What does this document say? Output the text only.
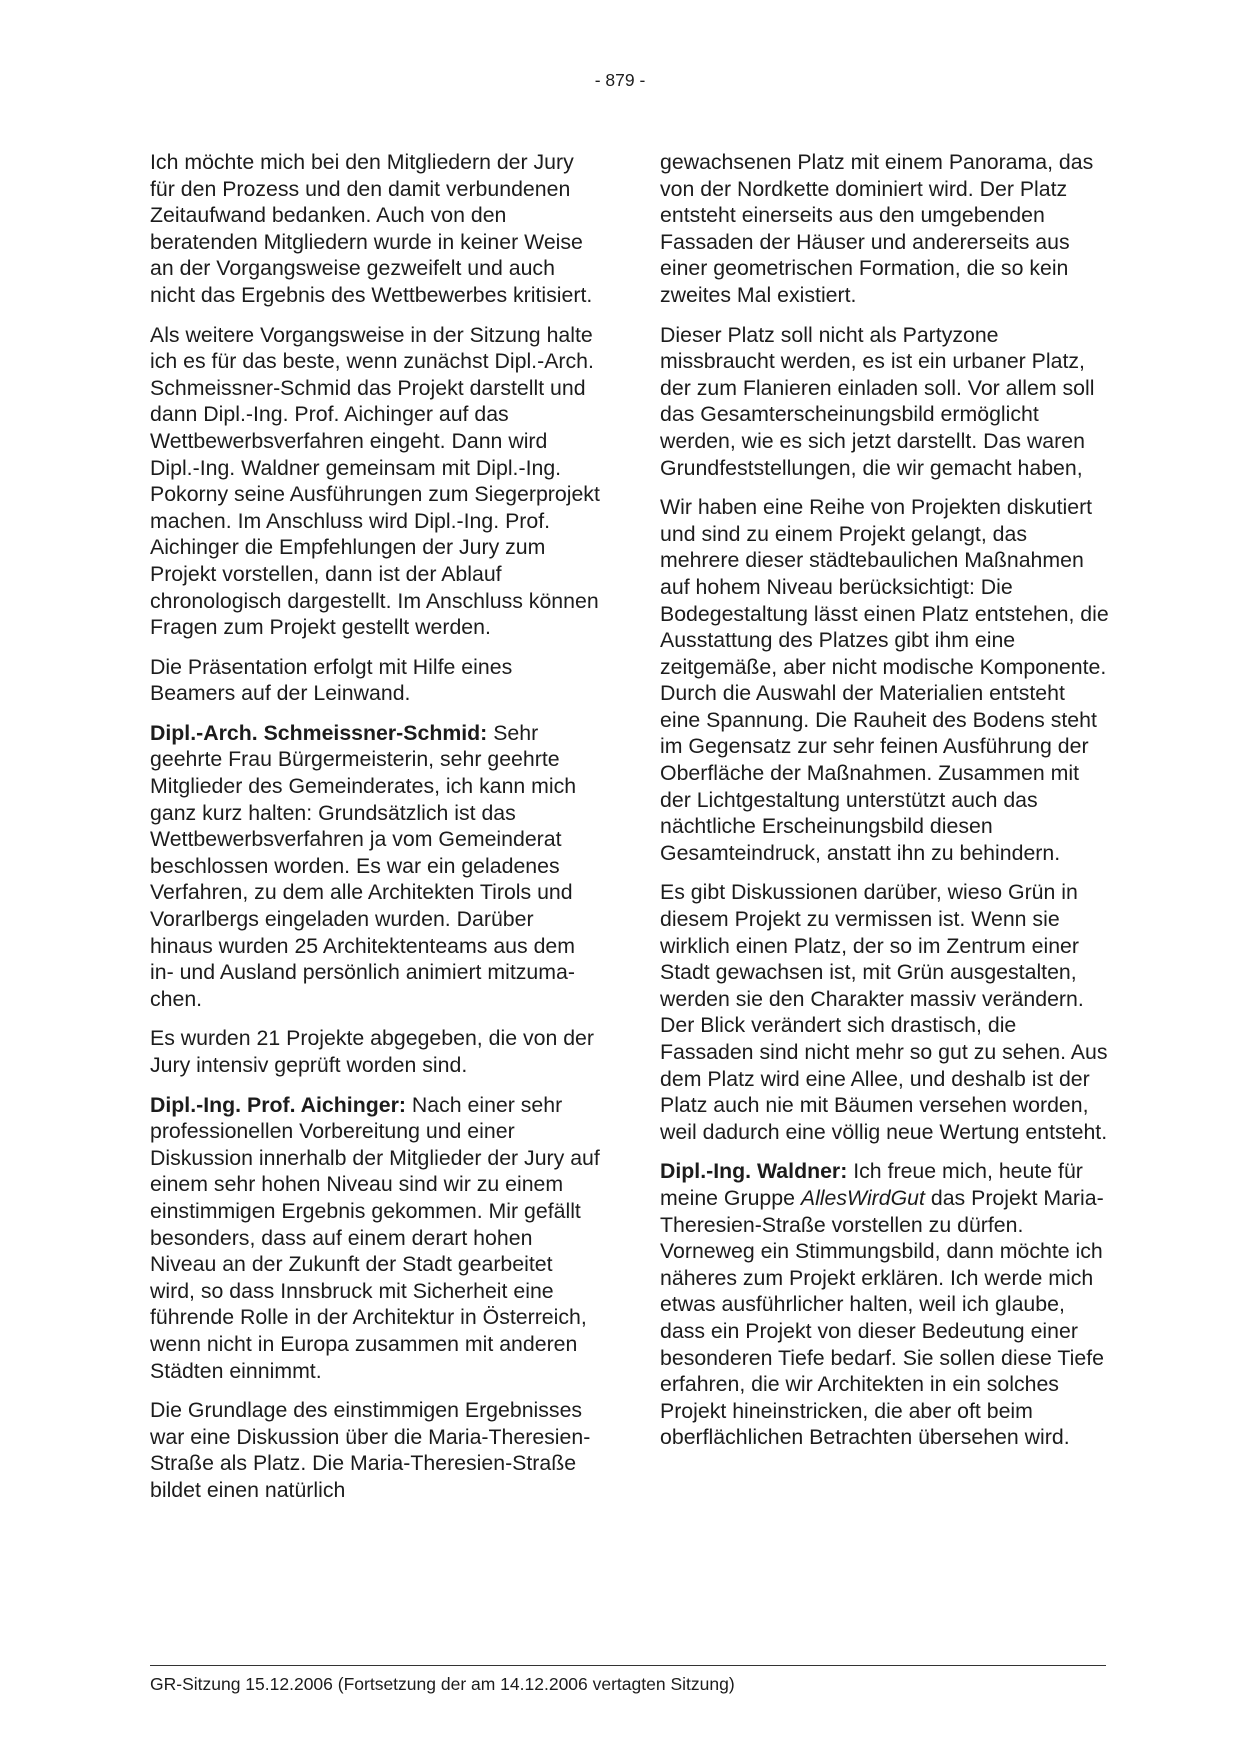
- 879 -

Ich möchte mich bei den Mitgliedern der Jury für den Prozess und den damit verbundenen Zeitaufwand bedanken. Auch von den beratenden Mitgliedern wurde in keiner Weise an der Vorgangsweise gezweifelt und auch nicht das Ergebnis des Wettbewerbes kritisiert.

Als weitere Vorgangsweise in der Sitzung halte ich es für das beste, wenn zunächst Dipl.-Arch. Schmeissner-Schmid das Projekt darstellt und dann Dipl.-Ing. Prof. Aichinger auf das Wettbewerbsverfahren eingeht. Dann wird Dipl.-Ing. Waldner gemeinsam mit Dipl.-Ing. Pokorny seine Ausführungen zum Siegerprojekt machen. Im Anschluss wird Dipl.-Ing. Prof. Aichinger die Empfehlungen der Jury zum Projekt vorstellen, dann ist der Ablauf chronologisch dargestellt. Im Anschluss können Fragen zum Projekt gestellt werden.

Die Präsentation erfolgt mit Hilfe eines Beamers auf der Leinwand.

Dipl.-Arch. Schmeissner-Schmid: Sehr geehrte Frau Bürgermeisterin, sehr geehrte Mitglieder des Gemeinderates, ich kann mich ganz kurz halten: Grundsätzlich ist das Wettbewerbsverfahren ja vom Gemeinderat beschlossen worden. Es war ein geladenes Verfahren, zu dem alle Architekten Tirols und Vorarlbergs eingeladen wurden. Darüber hinaus wurden 25 Architektenteams aus dem in- und Ausland persönlich animiert mitzumachen.

Es wurden 21 Projekte abgegeben, die von der Jury intensiv geprüft worden sind.

Dipl.-Ing. Prof. Aichinger: Nach einer sehr professionellen Vorbereitung und einer Diskussion innerhalb der Mitglieder der Jury auf einem sehr hohen Niveau sind wir zu einem einstimmigen Ergebnis gekommen. Mir gefällt besonders, dass auf einem derart hohen Niveau an der Zukunft der Stadt gearbeitet wird, so dass Innsbruck mit Sicherheit eine führende Rolle in der Architektur in Österreich, wenn nicht in Europa zusammen mit anderen Städten einnimmt.

Die Grundlage des einstimmigen Ergebnisses war eine Diskussion über die Maria-Theresien-Straße als Platz. Die Maria-Theresien-Straße bildet einen natürlich

gewachsenen Platz mit einem Panorama, das von der Nordkette dominiert wird. Der Platz entsteht einerseits aus den umgebenden Fassaden der Häuser und andererseits aus einer geometrischen Formation, die so kein zweites Mal existiert.

Dieser Platz soll nicht als Partyzone missbraucht werden, es ist ein urbaner Platz, der zum Flanieren einladen soll. Vor allem soll das Gesamterscheinungsbild ermöglicht werden, wie es sich jetzt darstellt. Das waren Grundfeststellungen, die wir gemacht haben,

Wir haben eine Reihe von Projekten diskutiert und sind zu einem Projekt gelangt, das mehrere dieser städtebaulichen Maßnahmen auf hohem Niveau berücksichtigt: Die Bodegestaltung lässt einen Platz entstehen, die Ausstattung des Platzes gibt ihm eine zeitgemäße, aber nicht modische Komponente. Durch die Auswahl der Materialien entsteht eine Spannung. Die Rauheit des Bodens steht im Gegensatz zur sehr feinen Ausführung der Oberfläche der Maßnahmen. Zusammen mit der Lichtgestaltung unterstützt auch das nächtliche Erscheinungsbild diesen Gesamteindruck, anstatt ihn zu behindern.

Es gibt Diskussionen darüber, wieso Grün in diesem Projekt zu vermissen ist. Wenn sie wirklich einen Platz, der so im Zentrum einer Stadt gewachsen ist, mit Grün ausgestalten, werden sie den Charakter massiv verändern. Der Blick verändert sich drastisch, die Fassaden sind nicht mehr so gut zu sehen. Aus dem Platz wird eine Allee, und deshalb ist der Platz auch nie mit Bäumen versehen worden, weil dadurch eine völlig neue Wertung entsteht.

Dipl.-Ing. Waldner: Ich freue mich, heute für meine Gruppe AllesWirdGut das Projekt Maria-Theresien-Straße vorstellen zu dürfen. Vorneweg ein Stimmungsbild, dann möchte ich näheres zum Projekt erklären. Ich werde mich etwas ausführlicher halten, weil ich glaube, dass ein Projekt von dieser Bedeutung einer besonderen Tiefe bedarf. Sie sollen diese Tiefe erfahren, die wir Architekten in ein solches Projekt hineinstricken, die aber oft beim oberflächlichen Betrachten übersehen wird.

GR-Sitzung 15.12.2006 (Fortsetzung der am 14.12.2006 vertagten Sitzung)
